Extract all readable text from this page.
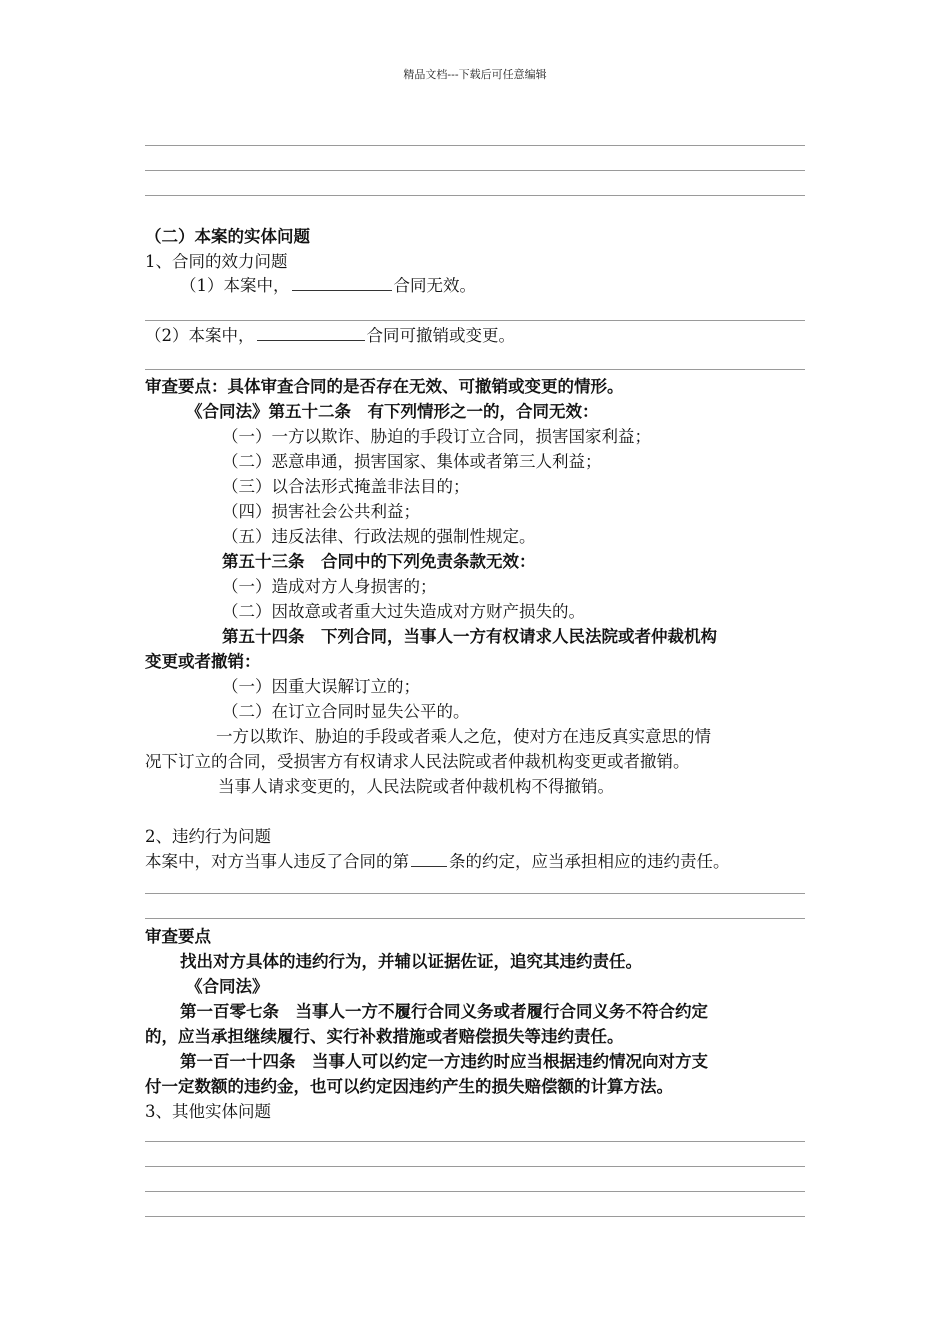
精品文档---下载后可任意编辑
（二）本案的实体问题
1、合同的效力问题
（1）本案中，	合同无效。
（2）本案中，	合同可撤销或变更。
审查要点：具体审查合同的是否存在无效、可撤销或变更的情形。
《合同法》第五十二条　有下列情形之一的，合同无效：
（一）一方以欺诈、胁迫的手段订立合同，损害国家利益；
（二）恶意串通，损害国家、集体或者第三人利益；
（三）以合法形式掩盖非法目的；
（四）损害社会公共利益；
（五）违反法律、行政法规的强制性规定。
第五十三条　合同中的下列免责条款无效：
（一）造成对方人身损害的；
（二）因故意或者重大过失造成对方财产损失的。
第五十四条　下列合同，当事人一方有权请求人民法院或者仲裁机构
变更或者撤销：
（一）因重大误解订立的；
（二）在订立合同时显失公平的。
一方以欺诈、胁迫的手段或者乘人之危，使对方在违反真实意思的情
况下订立的合同，受损害方有权请求人民法院或者仲裁机构变更或者撤销。
当事人请求变更的，人民法院或者仲裁机构不得撤销。
2、违约行为问题
本案中，对方当事人违反了合同的第 条的约定，应当承担相应的违约责任。
审查要点
找出对方具体的违约行为，并辅以证据佐证，追究其违约责任。
《合同法》
第一百零七条　当事人一方不履行合同义务或者履行合同义务不符合约定
的，应当承担继续履行、实行补救措施或者赔偿损失等违约责任。
第一百一十四条　当事人可以约定一方违约时应当根据违约情况向对方支
付一定数额的违约金，也可以约定因违约产生的损失赔偿额的计算方法。
3、其他实体问题
